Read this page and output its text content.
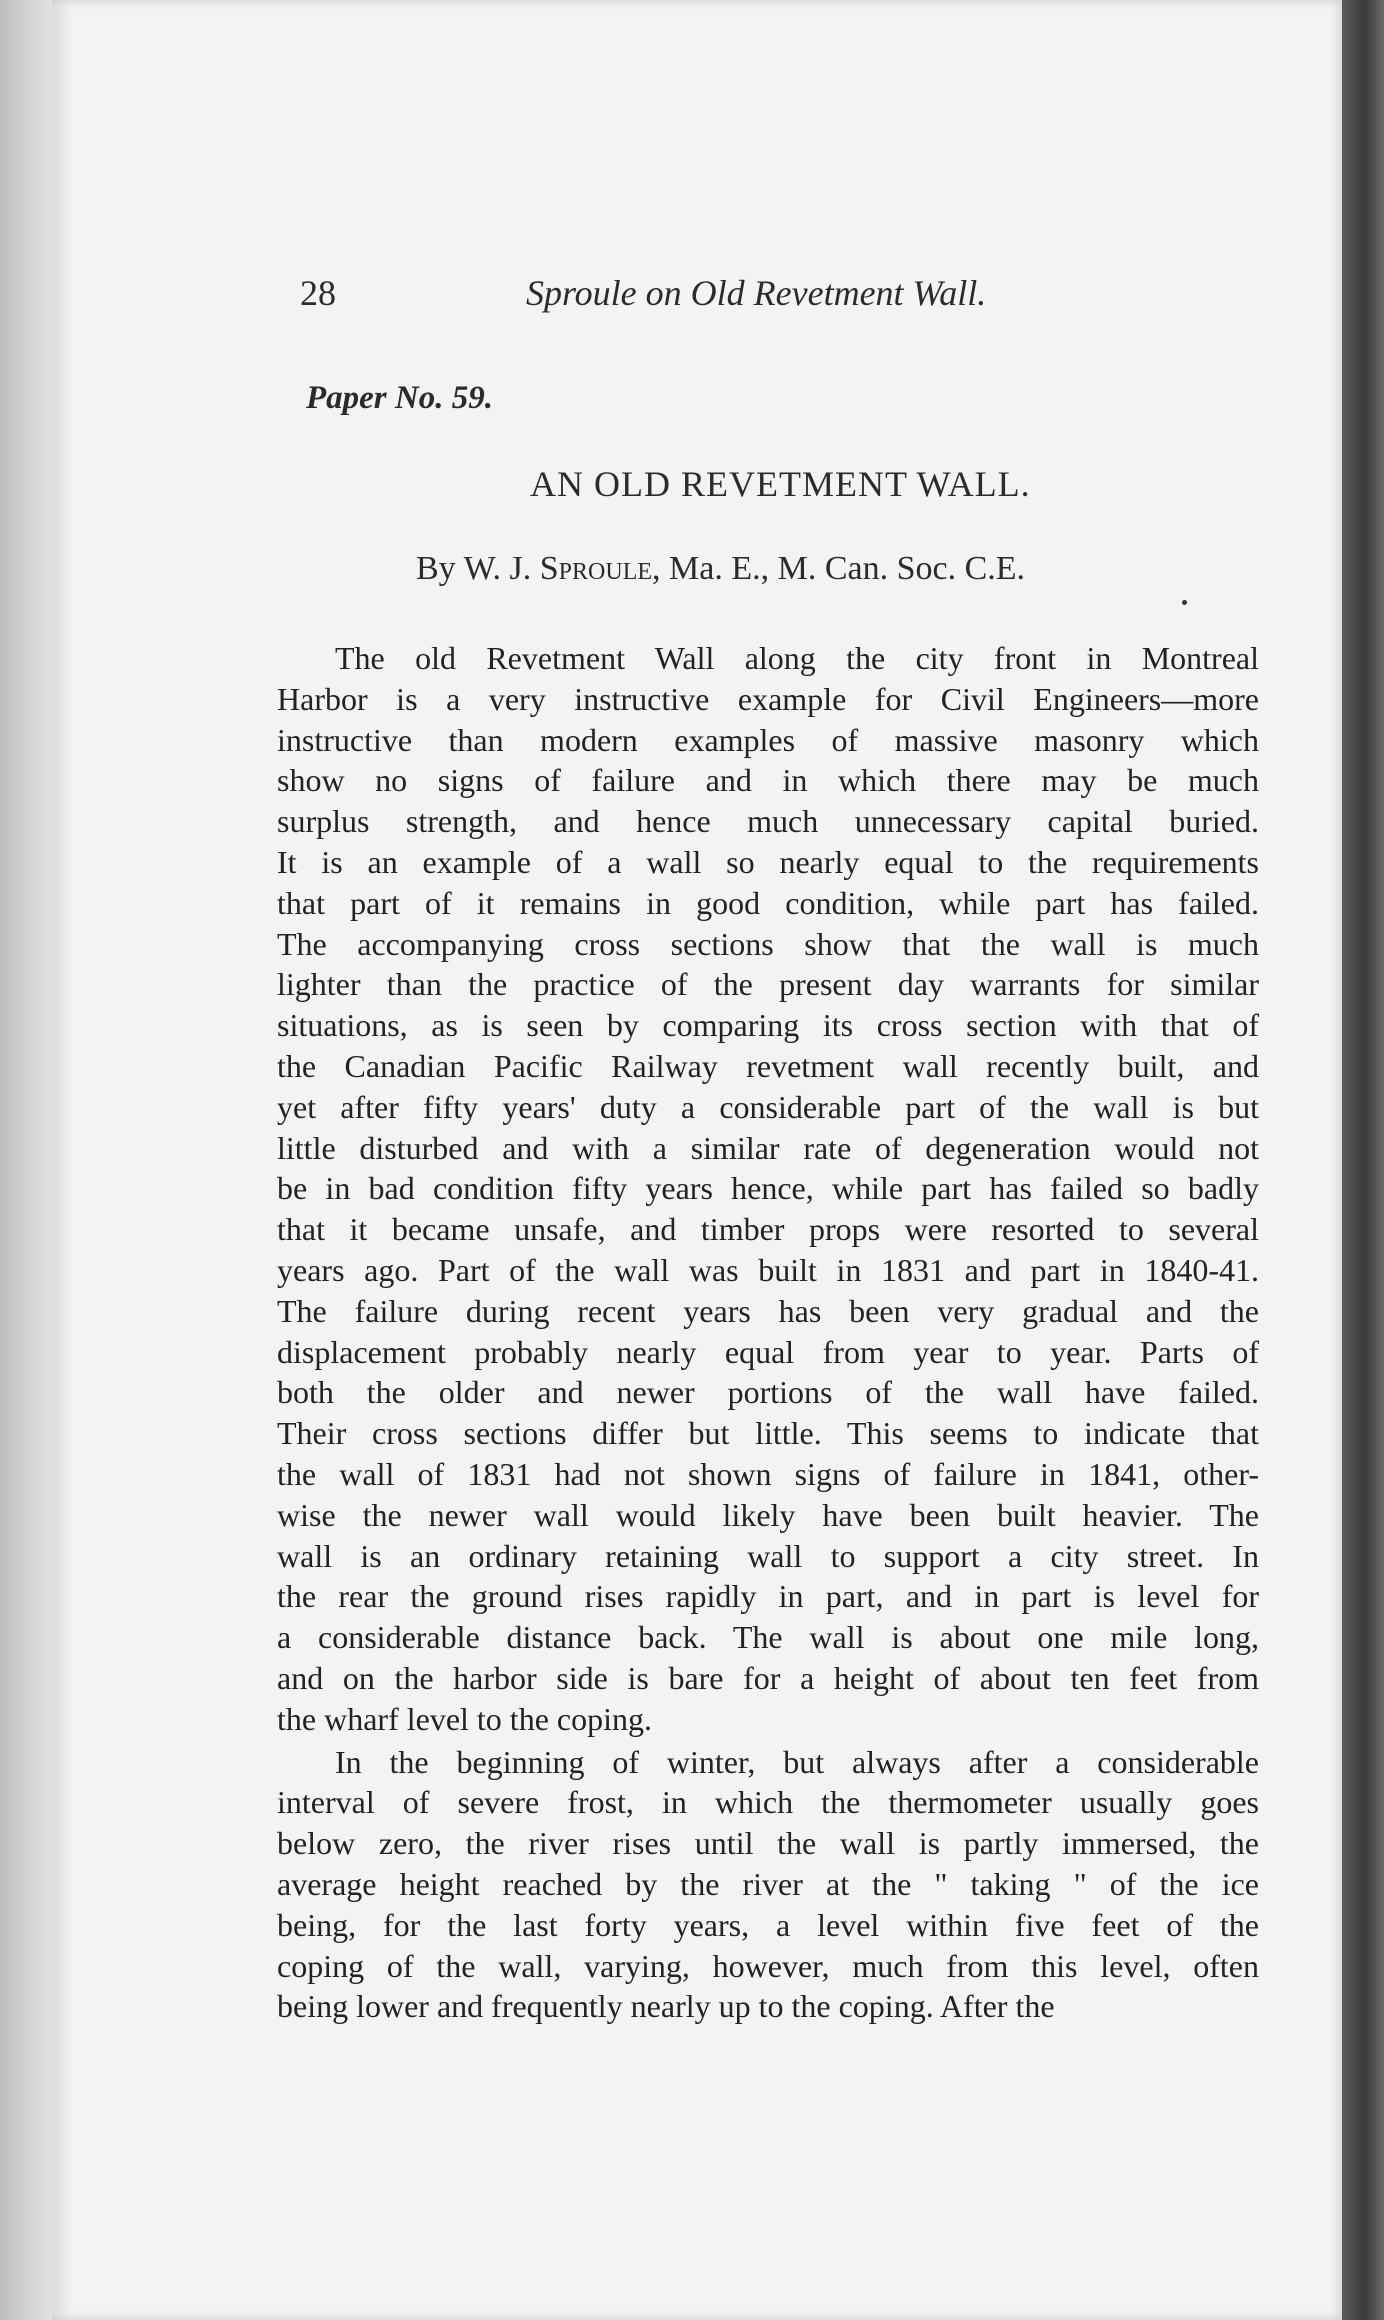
28	Sproule on Old Revetment Wall.
Paper No. 59.
AN OLD REVETMENT WALL.
By W. J. Sproule, Ma. E., M. Can. Soc. C.E.

The old Revetment Wall along the city front in Montreal
Harbor is a very instructive example for Civil Engineers—more
instructive than modern examples of massive masonry which
show no signs of failure and in which there may be much
surplus strength, and hence much unnecessary capital buried.
It is an example of a wall so nearly equal to the requirements
that part of it remains in good condition, while part has failed.
The accompanying cross sections show that the wall is much
lighter than the practice of the present day warrants for similar
situations, as is seen by comparing its cross section with that of
the Canadian Pacific Railway revetment wall recently built, and
yet after fifty years' duty a considerable part of the wall is but
little disturbed and with a similar rate of degeneration would not
be in bad condition fifty years hence, while part has failed so badly
that it became unsafe, and timber props were resorted to several
years ago. Part of the wall was built in 1831 and part in 1840-41.
The failure during recent years has been very gradual and the
displacement probably nearly equal from year to year. Parts of
both the older and newer portions of the wall have failed.
Their cross sections differ but little. This seems to indicate that
the wall of 1831 had not shown signs of failure in 1841, other-
wise the newer wall would likely have been built heavier. The
wall is an ordinary retaining wall to support a city street. In
the rear the ground rises rapidly in part, and in part is level for
a considerable distance back. The wall is about one mile long,
and on the harbor side is bare for a height of about ten feet from
the wharf level to the coping.

In the beginning of winter, but always after a considerable
interval of severe frost, in which the thermometer usually goes
below zero, the river rises until the wall is partly immersed, the
average height reached by the river at the " taking " of the ice
being, for the last forty years, a level within five feet of the
coping of the wall, varying, however, much from this level, often
being lower and frequently nearly up to the coping. After the
